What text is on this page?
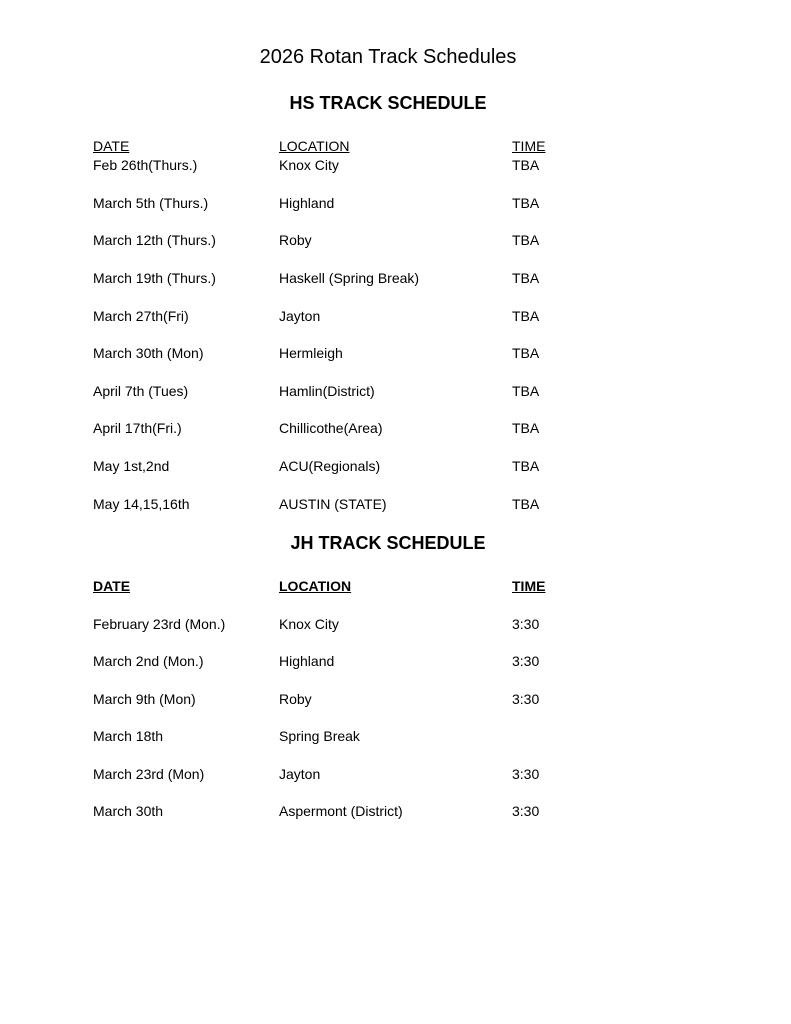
2026 Rotan Track Schedules
HS TRACK SCHEDULE
DATE	LOCATION	TIME
Feb 26th(Thurs.)	Knox City	TBA
March 5th (Thurs.)	Highland	TBA
March 12th (Thurs.)	Roby	TBA
March 19th (Thurs.)	Haskell (Spring Break)	TBA
March 27th(Fri)	Jayton	TBA
March 30th (Mon)	Hermleigh	TBA
April 7th (Tues)	Hamlin(District)	TBA
April 17th(Fri.)	Chillicothe(Area)	TBA
May 1st,2nd	ACU(Regionals)	TBA
May 14,15,16th	AUSTIN (STATE)	TBA
JH TRACK SCHEDULE
DATE	LOCATION	TIME
February 23rd (Mon.)	Knox City	3:30
March 2nd (Mon.)	Highland	3:30
March 9th (Mon)	Roby	3:30
March 18th	Spring Break
March 23rd (Mon)	Jayton	3:30
March 30th	Aspermont (District)	3:30
